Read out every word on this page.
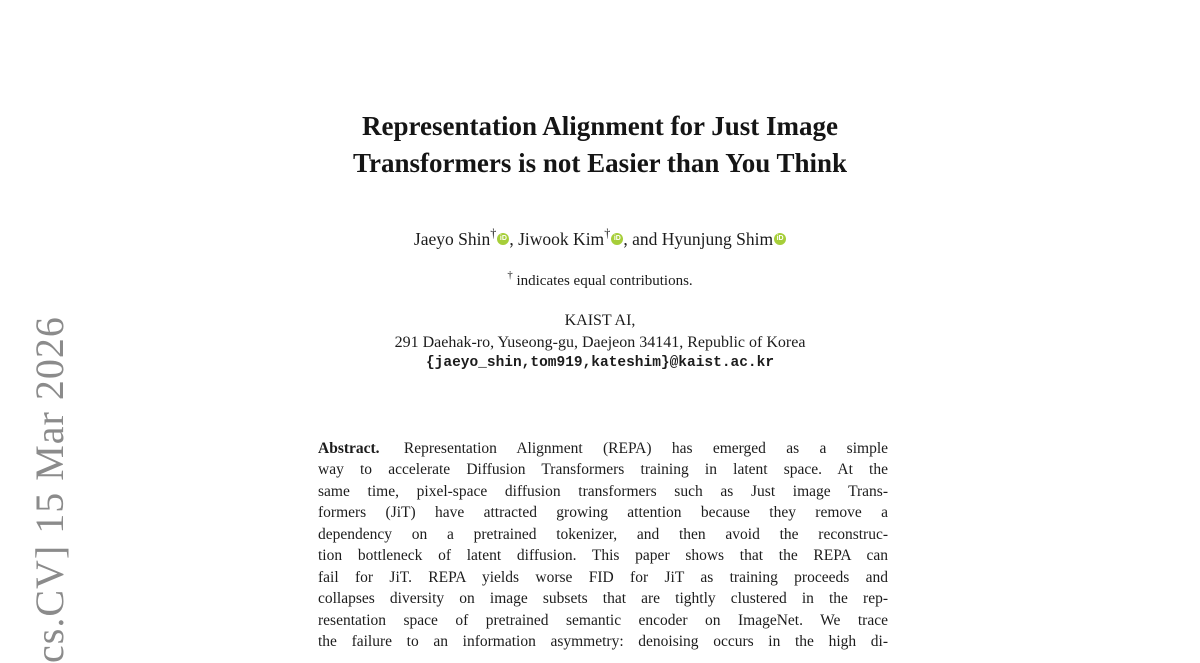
cs.CV] 15 Mar 2026
Representation Alignment for Just Image
Transformers is not Easier than You Think
Jaeyo Shin† iD , Jiwook Kim† iD , and Hyunjung Shim iD
† indicates equal contributions.
KAIST AI,
291 Daehak-ro, Yuseong-gu, Daejeon 34141, Republic of Korea
{jaeyo_shin,tom919,kateshim}@kaist.ac.kr
Abstract. Representation Alignment (REPA) has emerged as a simple
way to accelerate Diffusion Transformers training in latent space. At the
same time, pixel-space diffusion transformers such as Just image Trans-
formers (JiT) have attracted growing attention because they remove a
dependency on a pretrained tokenizer, and then avoid the reconstruc-
tion bottleneck of latent diffusion. This paper shows that the REPA can
fail for JiT. REPA yields worse FID for JiT as training proceeds and
collapses diversity on image subsets that are tightly clustered in the rep-
resentation space of pretrained semantic encoder on ImageNet. We trace
the failure to an information asymmetry: denoising occurs in the high di-
